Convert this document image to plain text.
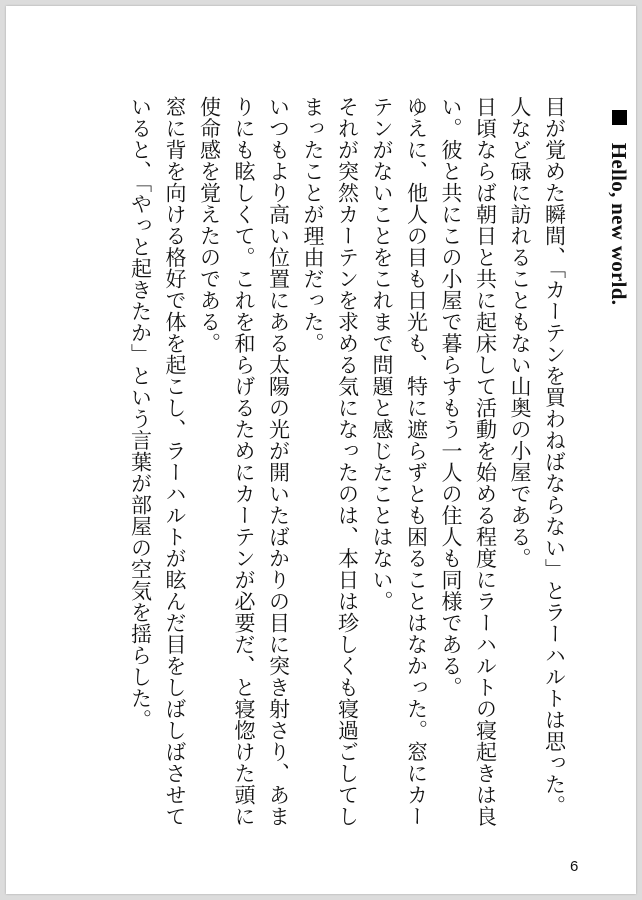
Hello, new world.
目が覚めた瞬間、「カーテンを買わねばならない」とラーハルトは思った。
人など碌に訪れることもない山奥の小屋である。
日頃ならば朝日と共に起床して活動を始める程度にラーハルトの寝起きは良い。彼と共にこの小屋で暮らすもう一人の住人も同様である。
ゆえに、他人の目も日光も、特に遮らずとも困ることはなかった。窓にカーテンがないことをこれまで問題と感じたことはない。
それが突然カーテンを求める気になったのは、本日は珍しくも寝過ごしてしまったことが理由だった。
いつもより高い位置にある太陽の光が開いたばかりの目に突き射さり、あまりにも眩しくて。これを和らげるためにカーテンが必要だ、と寝惚けた頭に使命感を覚えたのである。
窓に背を向ける格好で体を起こし、ラーハルトが眩んだ目をしばしばさせていると、「やっと起きたか」という言葉が部屋の空気を揺らした。
6
